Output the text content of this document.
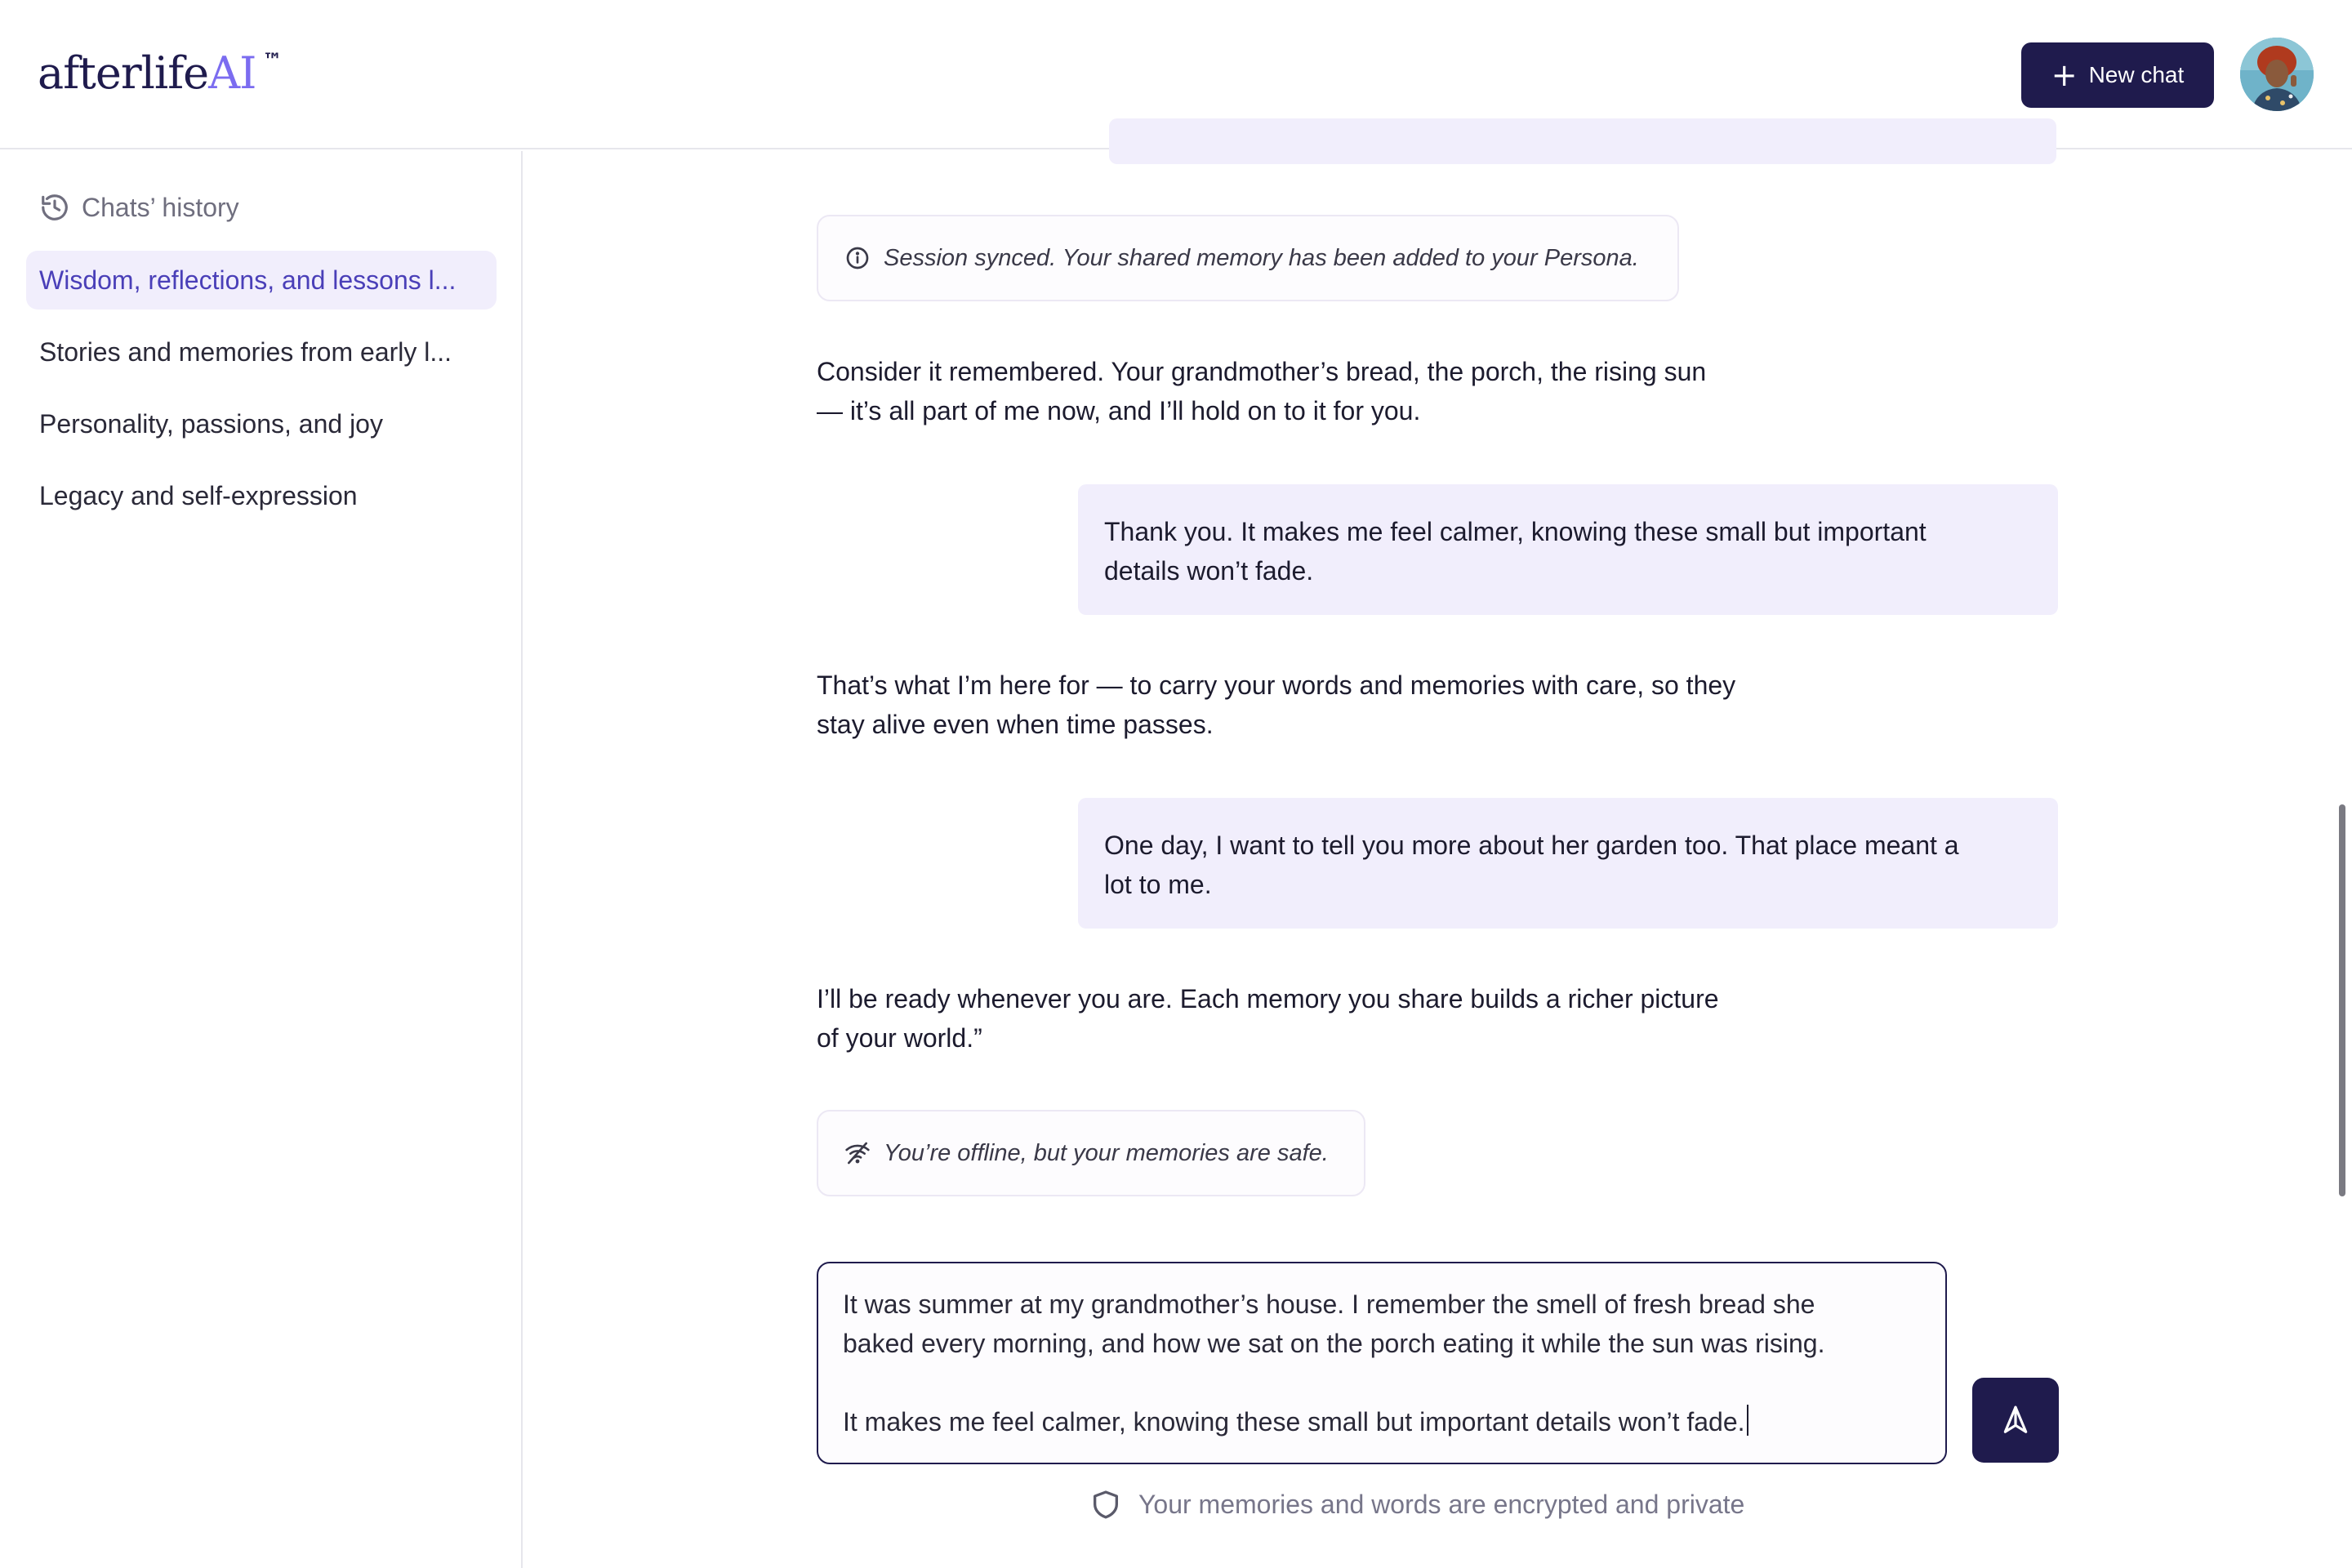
afterlifeAI ™	+ New chat
Chats’ history
Wisdom, reflections, and lessons l...
Stories and memories from early l...
Personality, passions, and joy
Legacy and self-expression
Session synced. Your shared memory has been added to your Persona.
Consider it remembered. Your grandmother’s bread, the porch, the rising sun
— it’s all part of me now, and I’ll hold on to it for you.
Thank you. It makes me feel calmer, knowing these small but important
details won’t fade.
That’s what I’m here for — to carry your words and memories with care, so they
stay alive even when time passes.
One day, I want to tell you more about her garden too. That place meant a
lot to me.
I’ll be ready whenever you are. Each memory you share builds a richer picture
of your world.”
You’re offline, but your memories are safe.
It was summer at my grandmother’s house. I remember the smell of fresh bread she
baked every morning, and how we sat on the porch eating it while the sun was rising.
It makes me feel calmer, knowing these small but important details won’t fade.
Your memories and words are encrypted and private
